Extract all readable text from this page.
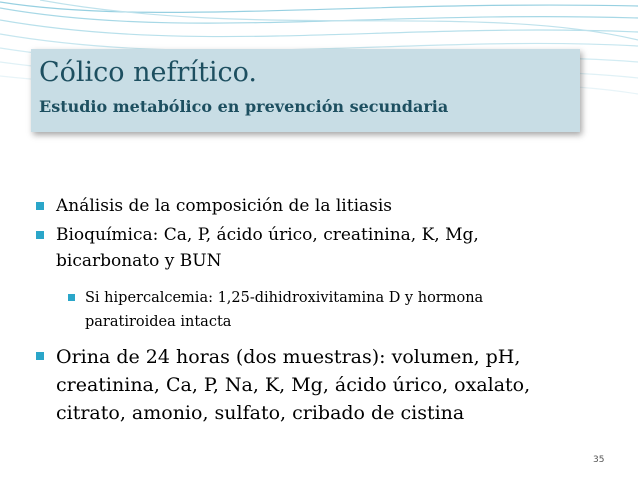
Cólico nefrítico.
Estudio metabólico en prevención secundaria
Análisis de la composición de la litiasis
Bioquímica: Ca, P, ácido úrico, creatinina, K, Mg,
bicarbonato y BUN
Si hipercalcemia: 1,25-dihidroxivitamina D y hormona
paratiroidea intacta
Orina de 24 horas (dos muestras): volumen, pH,
creatinina, Ca, P, Na, K, Mg, ácido úrico, oxalato,
citrato, amonio, sulfato, cribado de cistina
35
